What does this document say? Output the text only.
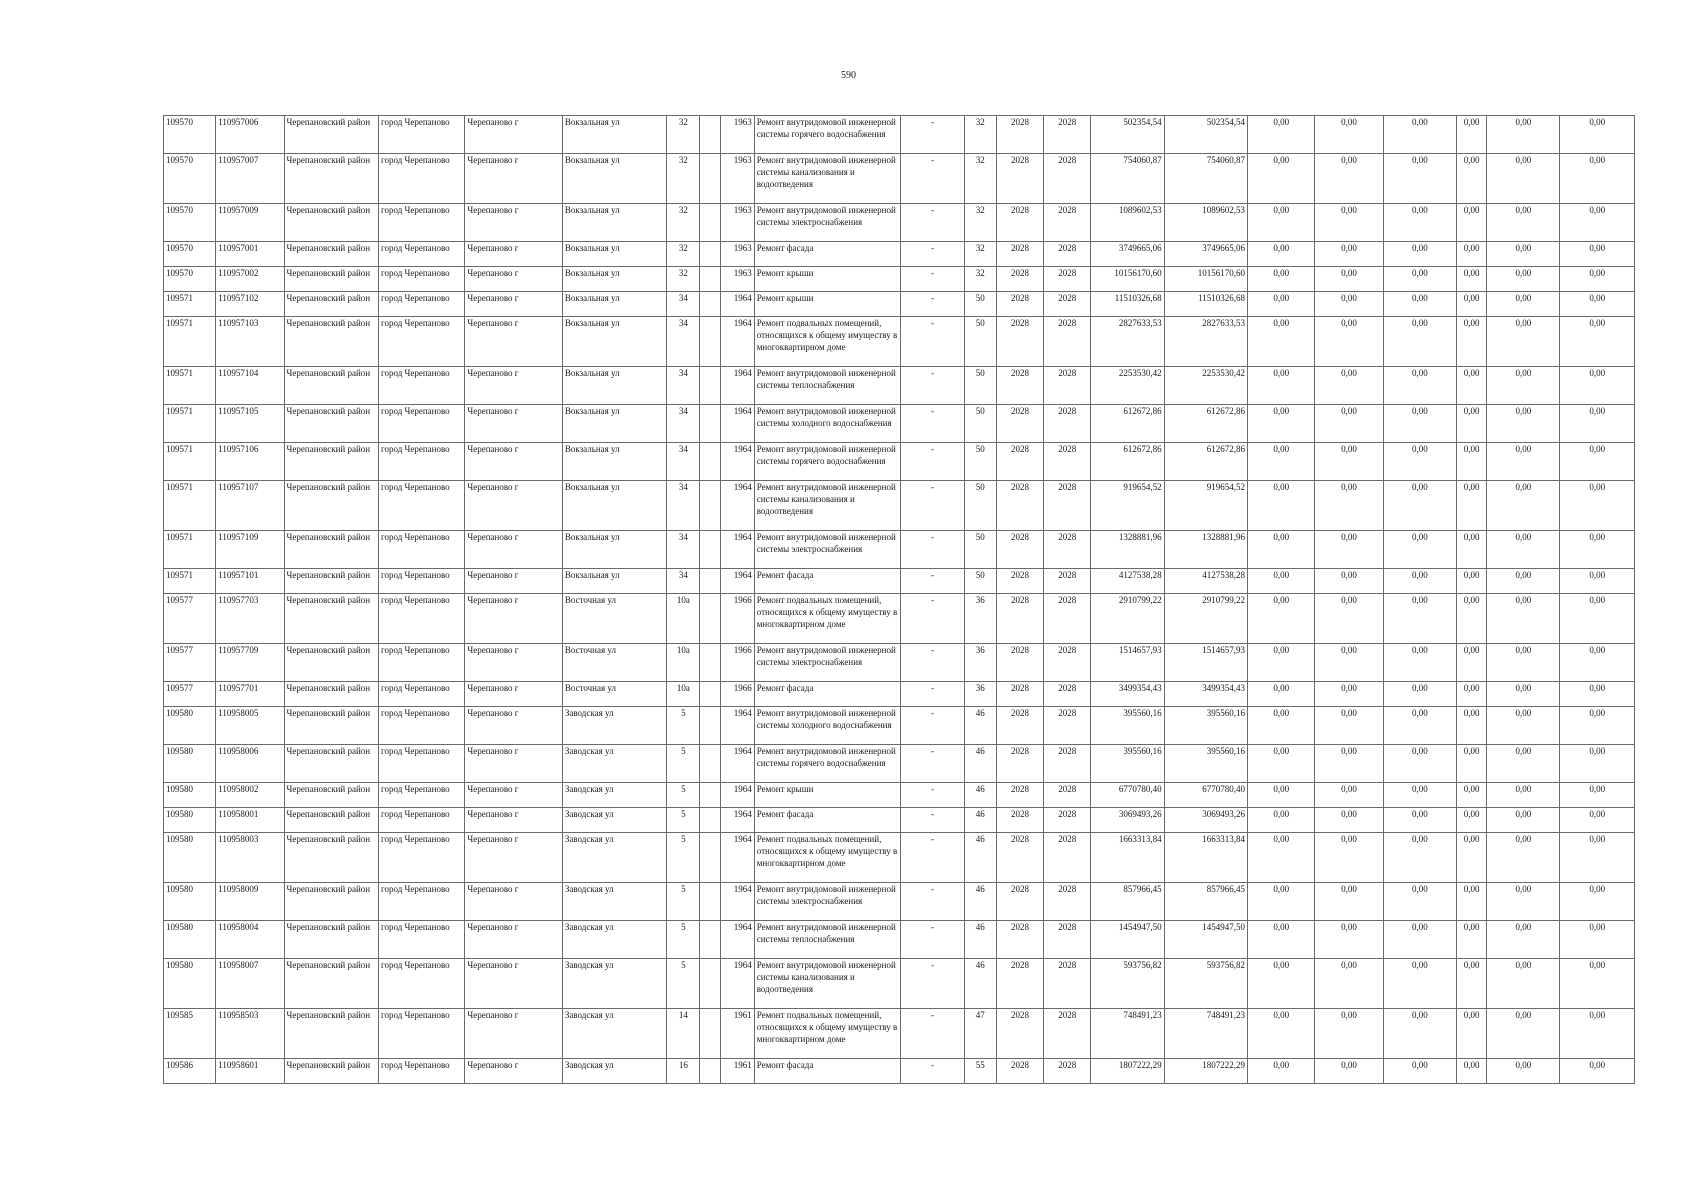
590
109570	110957006	Черепановский район	город Черепаново	Черепаново г	Вокзальная ул	32		1963	Ремонт внутридомовой инженерной системы горячего водоснабжения	-	32	2028	2028	502354,54	502354,54	0,00	0,00	0,00	0,00	0,00	0,00
109570	110957007	Черепановский район	город Черепаново	Черепаново г	Вокзальная ул	32		1963	Ремонт внутридомовой инженерной системы канализования и водоотведения	-	32	2028	2028	754060,87	754060,87	0,00	0,00	0,00	0,00	0,00	0,00
109570	110957009	Черепановский район	город Черепаново	Черепаново г	Вокзальная ул	32		1963	Ремонт внутридомовой инженерной системы электроснабжения	-	32	2028	2028	1089602,53	1089602,53	0,00	0,00	0,00	0,00	0,00	0,00
109570	110957001	Черепановский район	город Черепаново	Черепаново г	Вокзальная ул	32		1963	Ремонт фасада	-	32	2028	2028	3749665,06	3749665,06	0,00	0,00	0,00	0,00	0,00	0,00
109570	110957002	Черепановский район	город Черепаново	Черепаново г	Вокзальная ул	32		1963	Ремонт крыши	-	32	2028	2028	10156170,60	10156170,60	0,00	0,00	0,00	0,00	0,00	0,00
109571	110957102	Черепановский район	город Черепаново	Черепаново г	Вокзальная ул	34		1964	Ремонт крыши	-	50	2028	2028	11510326,68	11510326,68	0,00	0,00	0,00	0,00	0,00	0,00
109571	110957103	Черепановский район	город Черепаново	Черепаново г	Вокзальная ул	34		1964	Ремонт подвальных помещений, относящихся к общему имуществу в многоквартирном доме	-	50	2028	2028	2827633,53	2827633,53	0,00	0,00	0,00	0,00	0,00	0,00
109571	110957104	Черепановский район	город Черепаново	Черепаново г	Вокзальная ул	34		1964	Ремонт внутридомовой инженерной системы теплоснабжения	-	50	2028	2028	2253530,42	2253530,42	0,00	0,00	0,00	0,00	0,00	0,00
109571	110957105	Черепановский район	город Черепаново	Черепаново г	Вокзальная ул	34		1964	Ремонт внутридомовой инженерной системы холодного водоснабжения	-	50	2028	2028	612672,86	612672,86	0,00	0,00	0,00	0,00	0,00	0,00
109571	110957106	Черепановский район	город Черепаново	Черепаново г	Вокзальная ул	34		1964	Ремонт внутридомовой инженерной системы горячего водоснабжения	-	50	2028	2028	612672,86	612672,86	0,00	0,00	0,00	0,00	0,00	0,00
109571	110957107	Черепановский район	город Черепаново	Черепаново г	Вокзальная ул	34		1964	Ремонт внутридомовой инженерной системы канализования и водоотведения	-	50	2028	2028	919654,52	919654,52	0,00	0,00	0,00	0,00	0,00	0,00
109571	110957109	Черепановский район	город Черепаново	Черепаново г	Вокзальная ул	34		1964	Ремонт внутридомовой инженерной системы электроснабжения	-	50	2028	2028	1328881,96	1328881,96	0,00	0,00	0,00	0,00	0,00	0,00
109571	110957101	Черепановский район	город Черепаново	Черепаново г	Вокзальная ул	34		1964	Ремонт фасада	-	50	2028	2028	4127538,28	4127538,28	0,00	0,00	0,00	0,00	0,00	0,00
109577	110957703	Черепановский район	город Черепаново	Черепаново г	Восточная ул	10а		1966	Ремонт подвальных помещений, относящихся к общему имуществу в многоквартирном доме	-	36	2028	2028	2910799,22	2910799,22	0,00	0,00	0,00	0,00	0,00	0,00
109577	110957709	Черепановский район	город Черепаново	Черепаново г	Восточная ул	10а		1966	Ремонт внутридомовой инженерной системы электроснабжения	-	36	2028	2028	1514657,93	1514657,93	0,00	0,00	0,00	0,00	0,00	0,00
109577	110957701	Черепановский район	город Черепаново	Черепаново г	Восточная ул	10а		1966	Ремонт фасада	-	36	2028	2028	3499354,43	3499354,43	0,00	0,00	0,00	0,00	0,00	0,00
109580	110958005	Черепановский район	город Черепаново	Черепаново г	Заводская ул	5		1964	Ремонт внутридомовой инженерной системы холодного водоснабжения	-	46	2028	2028	395560,16	395560,16	0,00	0,00	0,00	0,00	0,00	0,00
109580	110958006	Черепановский район	город Черепаново	Черепаново г	Заводская ул	5		1964	Ремонт внутридомовой инженерной системы горячего водоснабжения	-	46	2028	2028	395560,16	395560,16	0,00	0,00	0,00	0,00	0,00	0,00
109580	110958002	Черепановский район	город Черепаново	Черепаново г	Заводская ул	5		1964	Ремонт крыши	-	46	2028	2028	6770780,40	6770780,40	0,00	0,00	0,00	0,00	0,00	0,00
109580	110958001	Черепановский район	город Черепаново	Черепаново г	Заводская ул	5		1964	Ремонт фасада	-	46	2028	2028	3069493,26	3069493,26	0,00	0,00	0,00	0,00	0,00	0,00
109580	110958003	Черепановский район	город Черепаново	Черепаново г	Заводская ул	5		1964	Ремонт подвальных помещений, относящихся к общему имуществу в многоквартирном доме	-	46	2028	2028	1663313,84	1663313,84	0,00	0,00	0,00	0,00	0,00	0,00
109580	110958009	Черепановский район	город Черепаново	Черепаново г	Заводская ул	5		1964	Ремонт внутридомовой инженерной системы электроснабжения	-	46	2028	2028	857966,45	857966,45	0,00	0,00	0,00	0,00	0,00	0,00
109580	110958004	Черепановский район	город Черепаново	Черепаново г	Заводская ул	5		1964	Ремонт внутридомовой инженерной системы теплоснабжения	-	46	2028	2028	1454947,50	1454947,50	0,00	0,00	0,00	0,00	0,00	0,00
109580	110958007	Черепановский район	город Черепаново	Черепаново г	Заводская ул	5		1964	Ремонт внутридомовой инженерной системы канализования и водоотведения	-	46	2028	2028	593756,82	593756,82	0,00	0,00	0,00	0,00	0,00	0,00
109585	110958503	Черепановский район	город Черепаново	Черепаново г	Заводская ул	14		1961	Ремонт подвальных помещений, относящихся к общему имуществу в многоквартирном доме	-	47	2028	2028	748491,23	748491,23	0,00	0,00	0,00	0,00	0,00	0,00
109586	110958601	Черепановский район	город Черепаново	Черепаново г	Заводская ул	16		1961	Ремонт фасада	-	55	2028	2028	1807222,29	1807222,29	0,00	0,00	0,00	0,00	0,00	0,00
